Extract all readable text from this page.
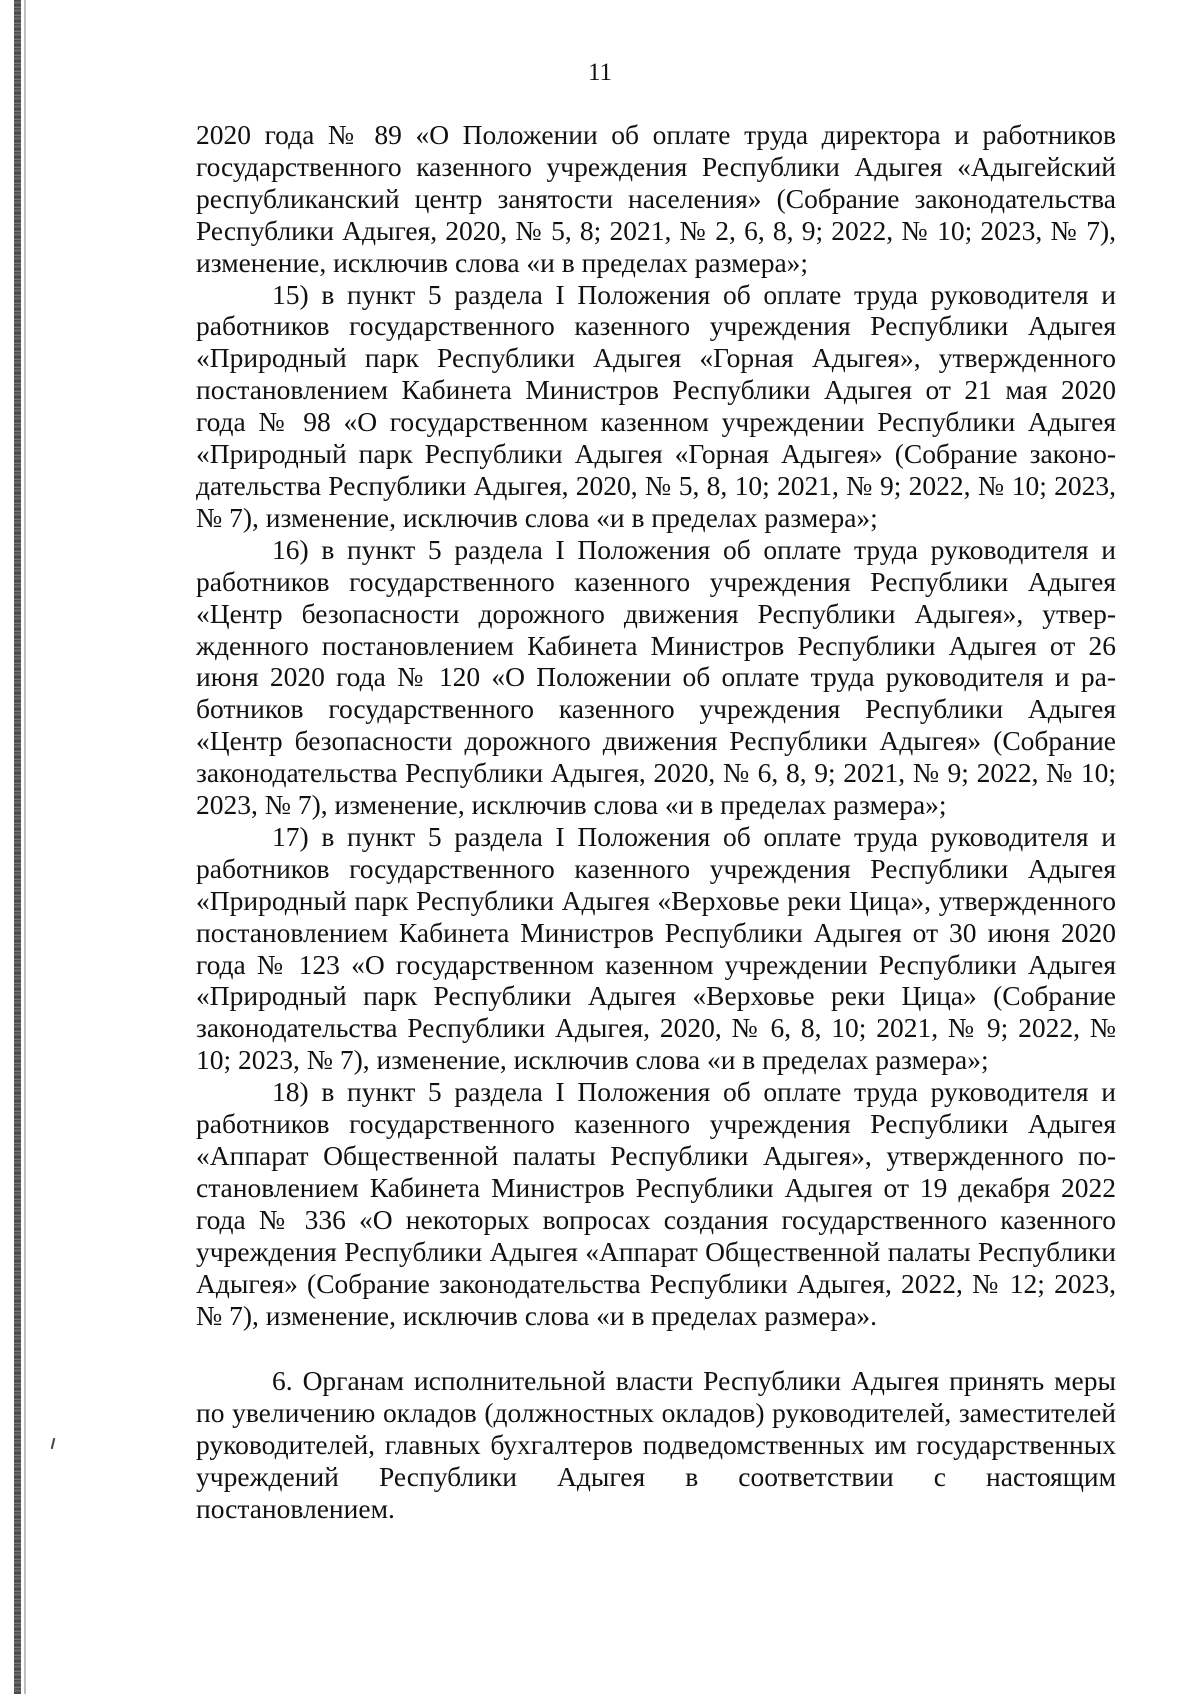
11

2020 года № 89 «О Положении об оплате труда директора и работников государственного казенного учреждения Республики Адыгея «Адыгейский республиканский центр занятости населения» (Собрание законодательства Республики Адыгея, 2020, № 5, 8; 2021, № 2, 6, 8, 9; 2022, № 10; 2023, № 7), изменение, исключив слова «и в пределах размера»;

15) в пункт 5 раздела I Положения об оплате труда руководителя и работников государственного казенного учреждения Республики Адыгея «Природный парк Республики Адыгея «Горная Адыгея», утвержденного постановлением Кабинета Министров Республики Адыгея от 21 мая 2020 года № 98 «О государственном казенном учреждении Республики Адыгея «Природный парк Республики Адыгея «Горная Адыгея» (Собрание законодательства Республики Адыгея, 2020, № 5, 8, 10; 2021, № 9; 2022, № 10; 2023, № 7), изменение, исключив слова «и в пределах размера»;

16) в пункт 5 раздела I Положения об оплате труда руководителя и работников государственного казенного учреждения Республики Адыгея «Центр безопасности дорожного движения Республики Адыгея», утвержденного постановлением Кабинета Министров Республики Адыгея от 26 июня 2020 года № 120 «О Положении об оплате труда руководителя и работников государственного казенного учреждения Республики Адыгея «Центр безопасности дорожного движения Республики Адыгея» (Собрание законодательства Республики Адыгея, 2020, № 6, 8, 9; 2021, № 9; 2022, № 10; 2023, № 7), изменение, исключив слова «и в пределах размера»;

17) в пункт 5 раздела I Положения об оплате труда руководителя и работников государственного казенного учреждения Республики Адыгея «Природный парк Республики Адыгея «Верховье реки Цица», утвержденного постановлением Кабинета Министров Республики Адыгея от 30 июня 2020 года № 123 «О государственном казенном учреждении Республики Адыгея «Природный парк Республики Адыгея «Верховье реки Цица» (Собрание законодательства Республики Адыгея, 2020, № 6, 8, 10; 2021, № 9; 2022, № 10; 2023, № 7), изменение, исключив слова «и в пределах размера»;

18) в пункт 5 раздела I Положения об оплате труда руководителя и работников государственного казенного учреждения Республики Адыгея «Аппарат Общественной палаты Республики Адыгея», утвержденного постановлением Кабинета Министров Республики Адыгея от 19 декабря 2022 года № 336 «О некоторых вопросах создания государственного казенного учреждения Республики Адыгея «Аппарат Общественной палаты Республики Адыгея» (Собрание законодательства Республики Адыгея, 2022, № 12; 2023, № 7), изменение, исключив слова «и в пределах размера».

6. Органам исполнительной власти Республики Адыгея принять меры по увеличению окладов (должностных окладов) руководителей, заместителей руководителей, главных бухгалтеров подведомственных им государственных учреждений Республики Адыгея в соответствии с настоящим постановлением.
